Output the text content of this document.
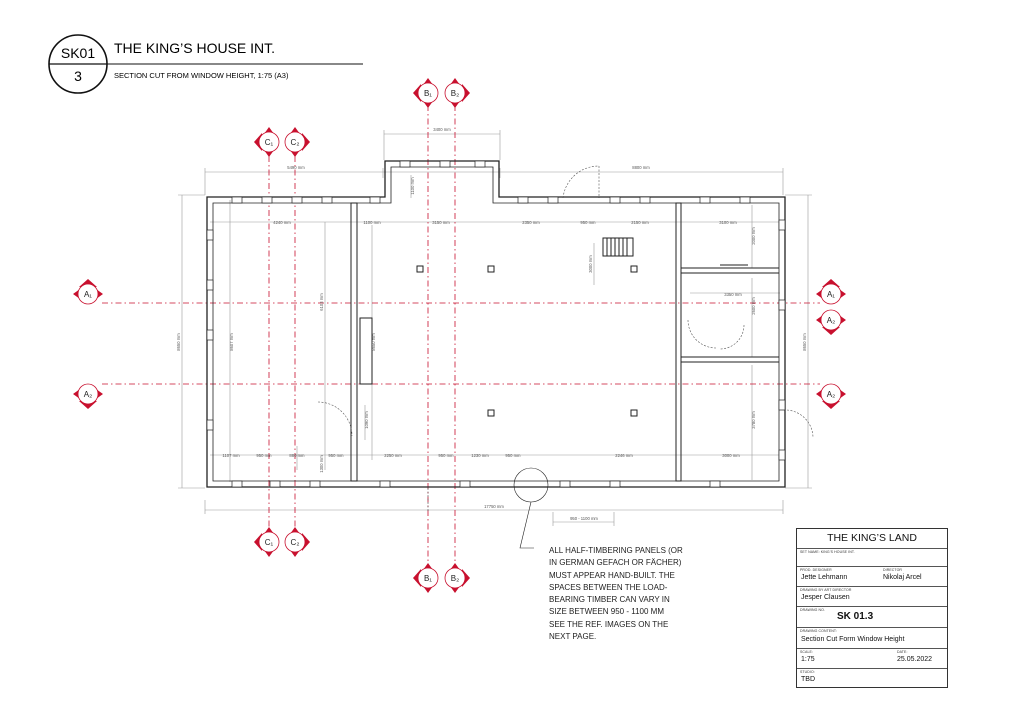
SK01
3
THE KING’S HOUSE INT.
SECTION CUT FROM WINDOW HEIGHT, 1:75 (A3)
3400 mm
5490 mm	8800 mm
1100 mm
4240 mm	1100 mm	3150 mm	2350 mm	950 mm	2150 mm	3100 mm
2000 mm
3350 mm
2600 mm
3780 mm
8650 mm	8607 mm
6103 mm
8650 mm	8650 mm
3000 mm
1090 mm
1107 mm	950 mm	880 mm	950 mm	2250 mm	950 mm	1230 mm	950 mm	2246 mm	3000 mm
1300 mm
17750 mm
950 - 1100 mm
B₁ B₂
C₁ C₂
C₁ C₂
B₁ B₂
A₁
A₂
A₁
A₂
A₂
ALL HALF-TIMBERING PANELS (OR
IN GERMAN GEFACH OR FÄCHER)
MUST APPEAR HAND-BUILT. THE
SPACES BETWEEN THE LOAD-
BEARING TIMBER CAN VARY IN
SIZE BETWEEN 950 - 1100 MM
SEE THE REF. IMAGES ON THE
NEXT PAGE.
THE KING’S LAND
SET NAME: KING’S HOUSE INT.
PROD. DESIGNER
Jette Lehmann
DIRECTOR
Nikolaj Arcel
DRAWING BY ART DIRECTOR
Jesper Clausen
DRAWING NO.
SK 01.3
DRAWING CONTENT:
Section Cut Form Window Height
SCALE:
1:75
DATE:
25.05.2022
STUDIO:
TBD
